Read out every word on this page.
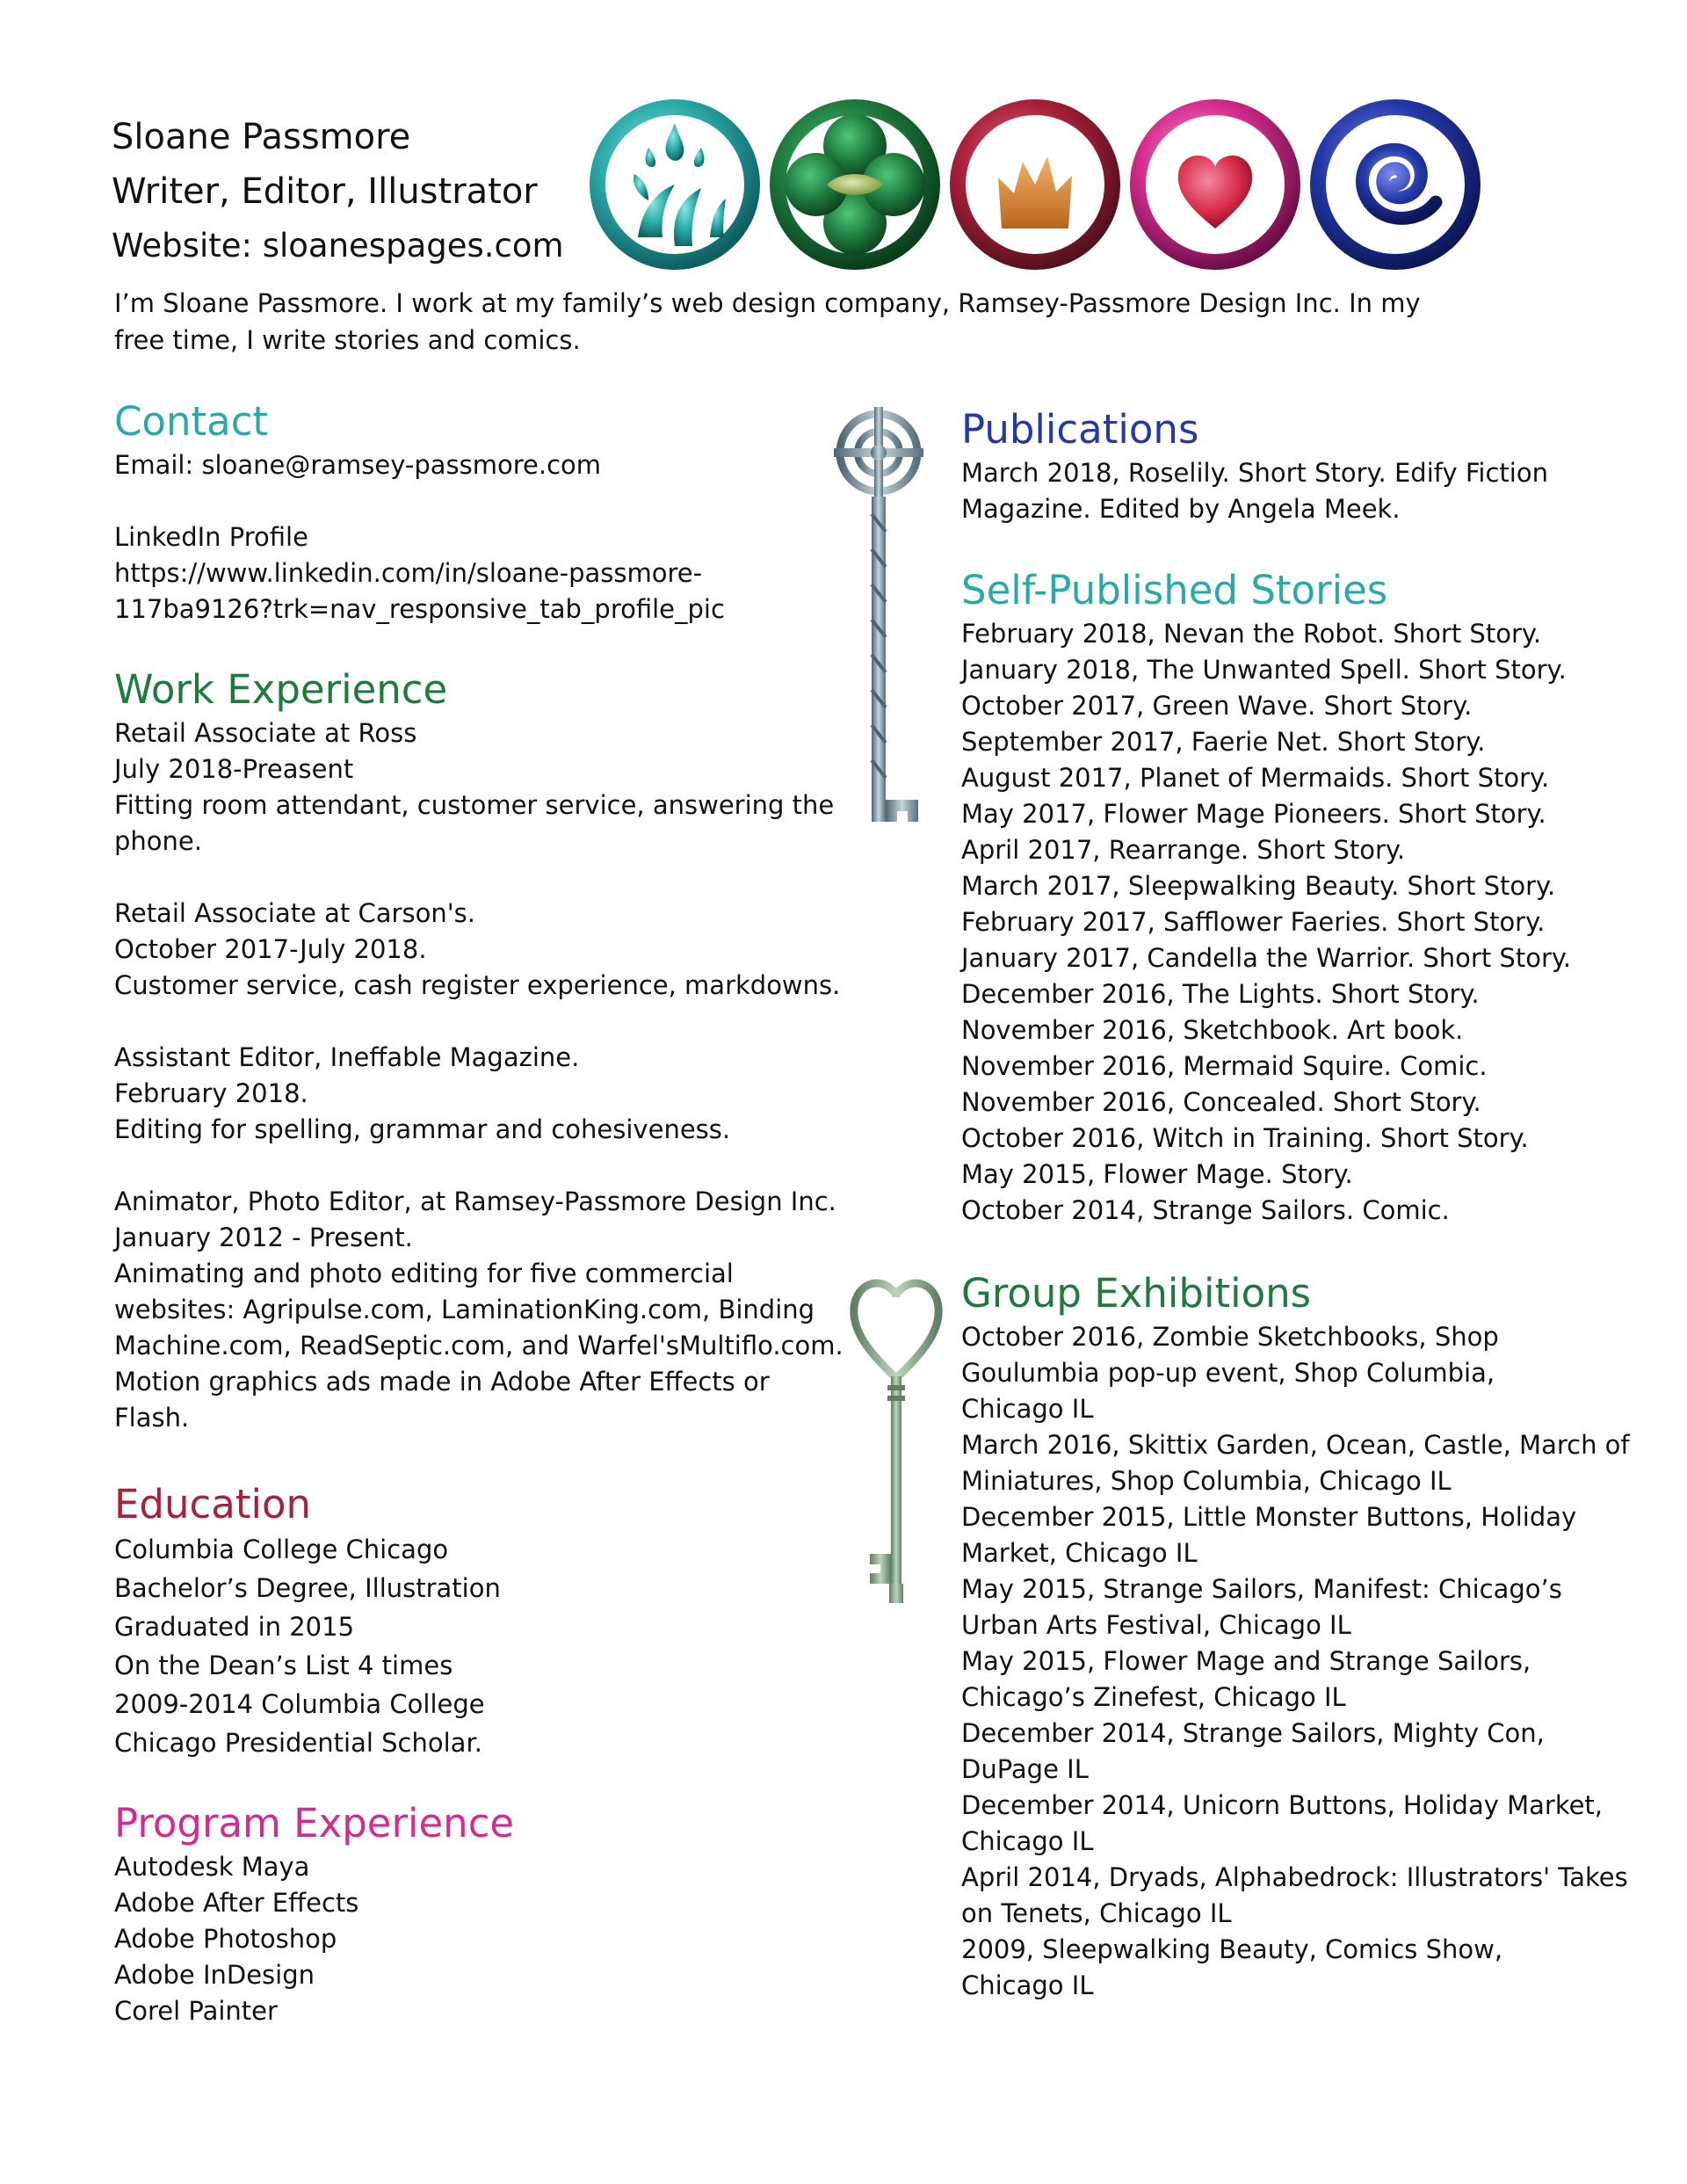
Sloane Passmore
Writer, Editor, Illustrator
Website: sloanespages.com
I’m Sloane Passmore. I work at my family’s web design company, Ramsey-Passmore Design Inc. In my free time, I write stories and comics.
Contact
Email: sloane@ramsey-passmore.com
LinkedIn Profile
https://www.linkedin.com/in/sloane-passmore-
117ba9126?trk=nav_responsive_tab_profile_pic
Work Experience
Retail Associate at Ross
July 2018-Preasent
Fitting room attendant, customer service, answering the
phone.
Retail Associate at Carson's.
October 2017-July 2018.
Customer service, cash register experience, markdowns.
Assistant Editor, Ineffable Magazine.
February 2018.
Editing for spelling, grammar and cohesiveness.
Animator, Photo Editor, at Ramsey-Passmore Design Inc.
January 2012 - Present.
Animating and photo editing for five commercial
websites: Agripulse.com, LaminationKing.com, Binding
Machine.com, ReadSeptic.com, and Warfel'sMultiflo.com.
Motion graphics ads made in Adobe After Effects or
Flash.
Education
Columbia College Chicago
Bachelor’s Degree, Illustration
Graduated in 2015
On the Dean’s List 4 times
2009-2014 Columbia College
Chicago Presidential Scholar.
Program Experience
Autodesk Maya
Adobe After Effects
Adobe Photoshop
Adobe InDesign
Corel Painter
Publications
March 2018, Roselily. Short Story. Edify Fiction
Magazine. Edited by Angela Meek.
Self-Published Stories
February 2018, Nevan the Robot. Short Story.
January 2018, The Unwanted Spell. Short Story.
October 2017, Green Wave. Short Story.
September 2017, Faerie Net. Short Story.
August 2017, Planet of Mermaids. Short Story.
May 2017, Flower Mage Pioneers. Short Story.
April 2017, Rearrange. Short Story.
March 2017, Sleepwalking Beauty. Short Story.
February 2017, Safflower Faeries. Short Story.
January 2017, Candella the Warrior. Short Story.
December 2016, The Lights. Short Story.
November 2016, Sketchbook. Art book.
November 2016, Mermaid Squire. Comic.
November 2016, Concealed. Short Story.
October 2016, Witch in Training. Short Story.
May 2015, Flower Mage. Story.
October 2014, Strange Sailors. Comic.
Group Exhibitions
October 2016, Zombie Sketchbooks, Shop
Goulumbia pop-up event, Shop Columbia,
Chicago IL
March 2016, Skittix Garden, Ocean, Castle, March of
Miniatures, Shop Columbia, Chicago IL
December 2015, Little Monster Buttons, Holiday
Market, Chicago IL
May 2015, Strange Sailors, Manifest: Chicago’s
Urban Arts Festival, Chicago IL
May 2015, Flower Mage and Strange Sailors,
Chicago’s Zinefest, Chicago IL
December 2014, Strange Sailors, Mighty Con,
DuPage IL
December 2014, Unicorn Buttons, Holiday Market,
Chicago IL
April 2014, Dryads, Alphabedrock: Illustrators' Takes
on Tenets, Chicago IL
2009, Sleepwalking Beauty, Comics Show,
Chicago IL
